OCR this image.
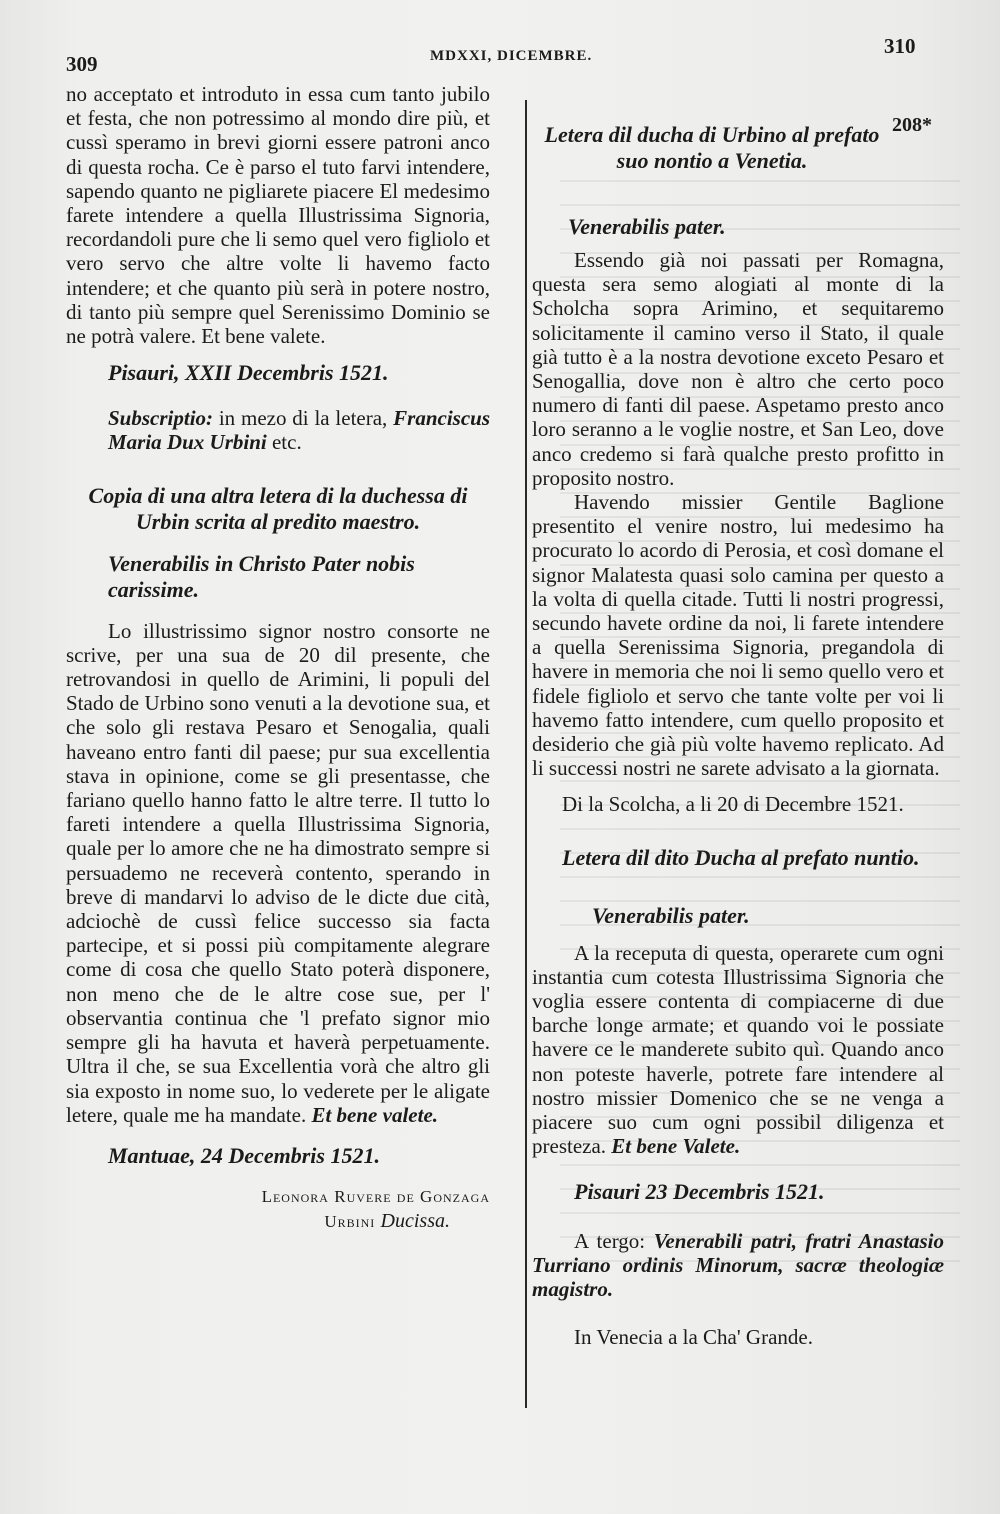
309	MDXXI, DICEMBRE.	310
208*

no acceptato et introduto in essa cum tanto jubilo et festa, che non potressimo al mondo dire più, et cussì speramo in brevi giorni essere patroni anco di questa rocha. Ce è parso el tuto farvi intendere, sapendo quanto ne pigliarete piacere El medesimo farete intendere a quella Illustrissima Signoria, recordandoli pure che li semo quel vero figliolo et vero servo che altre volte li havemo facto intendere; et che quanto più serà in potere nostro, di tanto più sempre quel Serenissimo Dominio se ne potrà valere. Et bene valete.

Pisauri, XXII Decembris 1521.

Subscriptio: in mezo di la letera, Franciscus Maria Dux Urbini etc.

Copia di una altra letera di la duchessa di Urbin scrita al predito maestro.

Venerabilis in Christo Pater nobis carissime.

Lo illustrissimo signor nostro consorte ne scrive, per una sua de 20 dil presente, che retrovandosi in quello de Arimini, li populi del Stado de Urbino sono venuti a la devotione sua, et che solo gli restava Pesaro et Senogalia, quali haveano entro fanti dil paese; pur sua excellentia stava in opinione, come se gli presentasse, che fariano quello hanno fatto le altre terre. Il tutto lo fareti intendere a quella Illustrissima Signoria, quale per lo amore che ne ha dimostrato sempre si persuademo ne receverà contento, sperando in breve di mandarvi lo adviso de le dicte due cità, adciochè de cussì felice successo sia facta partecipe, et si possi più compitamente alegrare come di cosa che quello Stato poterà disponere, non meno che de le altre cose sue, per l' observantia continua che 'l prefato signor mio sempre gli ha havuta et haverà perpetuamente. Ultra il che, se sua Excellentia vorà che altro gli sia exposto in nome suo, lo vederete per le aligate letere, quale me ha mandate. Et bene valete.

Mantuae, 24 Decembris 1521.

Leonora Ruvere de Gonzaga

Urbini Ducissa.

Letera dil ducha di Urbino al prefato suo nontio a Venetia.

Venerabilis pater.

Essendo già noi passati per Romagna, questa sera semo alogiati al monte di la Scholcha sopra Arimino, et sequitaremo solicitamente il camino verso il Stato, il quale già tutto è a la nostra devotione exceto Pesaro et Senogallia, dove non è altro che certo poco numero di fanti dil paese. Aspetamo presto anco loro seranno a le voglie nostre, et San Leo, dove anco credemo si farà qualche presto profitto in proposito nostro.

Havendo missier Gentile Baglione presentito el venire nostro, lui medesimo ha procurato lo acordo di Perosia, et così domane el signor Malatesta quasi solo camina per questo a la volta di quella citade. Tutti li nostri progressi, secundo havete ordine da noi, li farete intendere a quella Serenissima Signoria, pregandola di havere in memoria che noi li semo quello vero et fidele figliolo et servo che tante volte per voi li havemo fatto intendere, cum quello proposito et desiderio che già più volte havemo replicato. Ad li successi nostri ne sarete advisato a la giornata.

Di la Scolcha, a li 20 di Decembre 1521.

Letera dil dito Ducha al prefato nuntio.

Venerabilis pater.

A la receputa di questa, operarete cum ogni instantia cum cotesta Illustrissima Signoria che voglia essere contenta di compiacerne di due barche longe armate; et quando voi le possiate havere ce le manderete subito quì. Quando anco non poteste haverle, potrete fare intendere al nostro missier Domenico che se ne venga a piacere suo cum ogni possibil diligenza et presteza. Et bene Valete.

Pisauri 23 Decembris 1521.

A tergo: Venerabili patri, fratri Anastasio Turriano ordinis Minorum, sacræ theologiæ magistro.

In Venecia a la Cha' Grande.
